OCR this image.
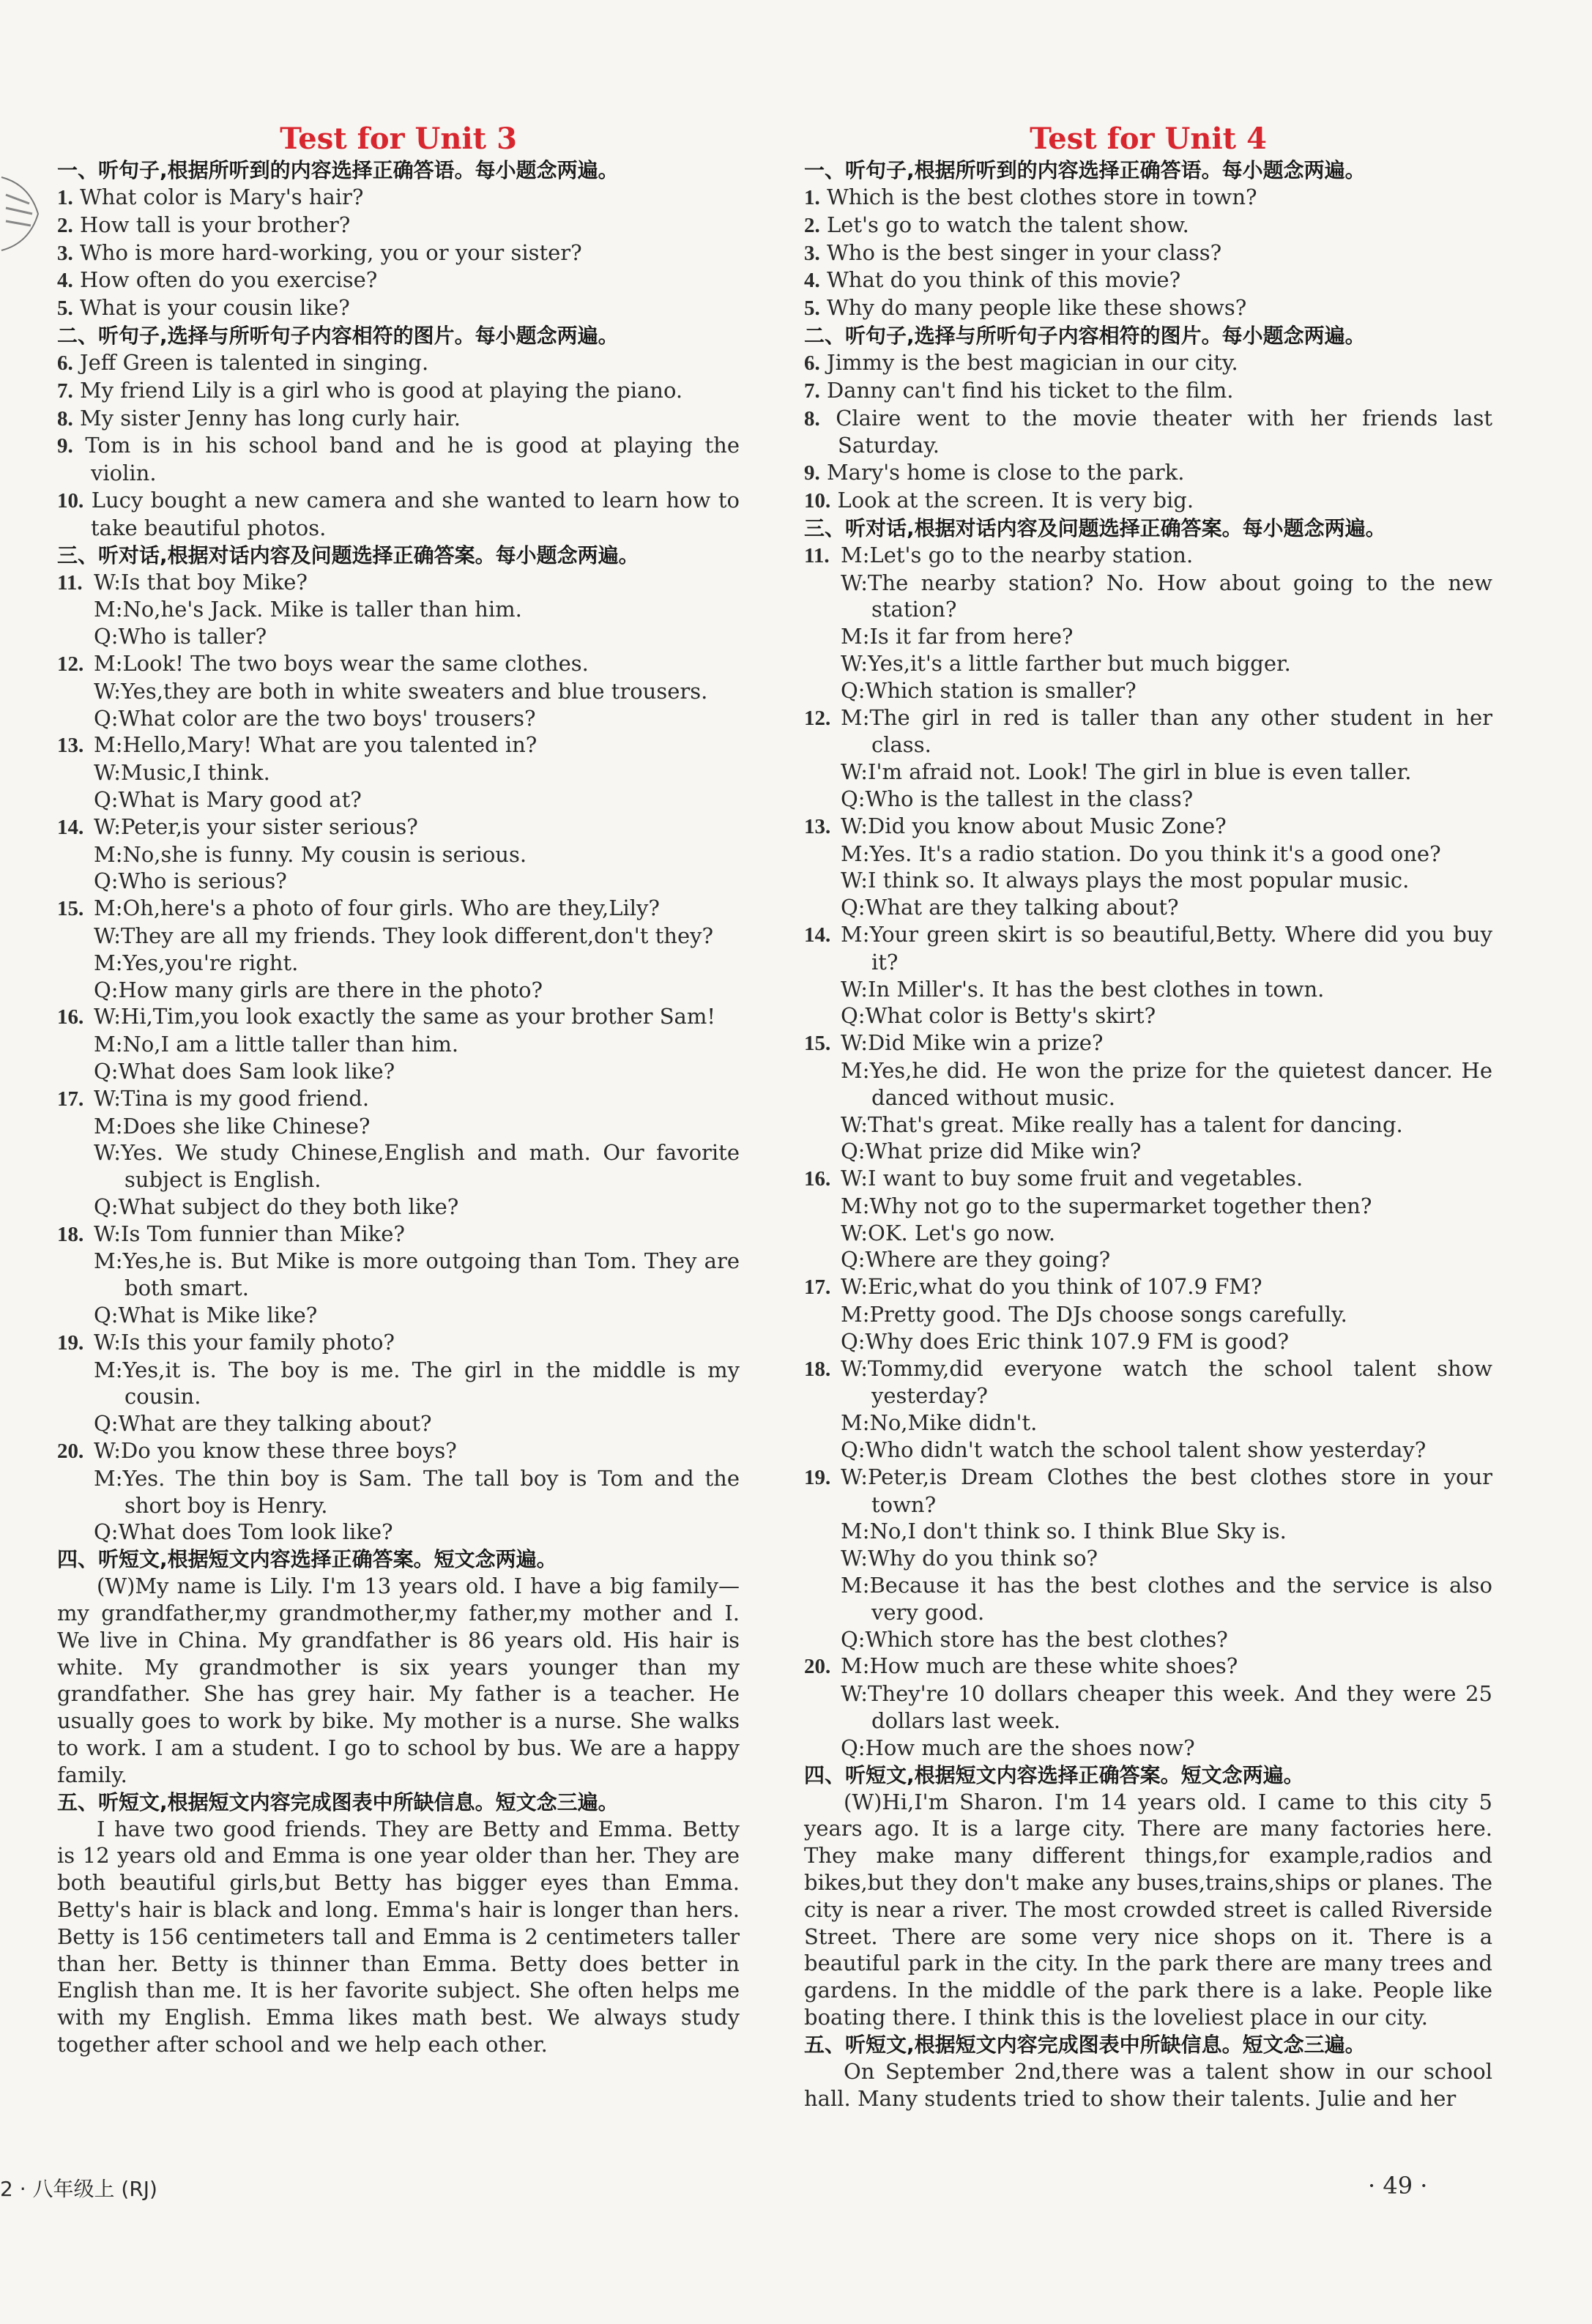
Test for Unit 3
一、听句子,根据所听到的内容选择正确答语。每小题念两遍。
1. What color is Mary's hair?
2. How tall is your brother?
3. Who is more hard-working, you or your sister?
4. How often do you exercise?
5. What is your cousin like?
二、听句子,选择与所听句子内容相符的图片。每小题念两遍。
6. Jeff Green is talented in singing.
7. My friend Lily is a girl who is good at playing the piano.
8. My sister Jenny has long curly hair.
9. Tom is in his school band and he is good at playing the violin.
10. Lucy bought a new camera and she wanted to learn how to take beautiful photos.
三、听对话,根据对话内容及问题选择正确答案。每小题念两遍。
11. W:Is that boy Mike?
M:No,he's Jack. Mike is taller than him.
Q:Who is taller?
12. M:Look! The two boys wear the same clothes.
W:Yes,they are both in white sweaters and blue trousers.
Q:What color are the two boys' trousers?
13. M:Hello,Mary! What are you talented in?
W:Music,I think.
Q:What is Mary good at?
14. W:Peter,is your sister serious?
M:No,she is funny. My cousin is serious.
Q:Who is serious?
15. M:Oh,here's a photo of four girls. Who are they,Lily?
W:They are all my friends. They look different,don't they?
M:Yes,you're right.
Q:How many girls are there in the photo?
16. W:Hi,Tim,you look exactly the same as your brother Sam!
M:No,I am a little taller than him.
Q:What does Sam look like?
17. W:Tina is my good friend.
M:Does she like Chinese?
W:Yes. We study Chinese,English and math. Our favorite subject is English.
Q:What subject do they both like?
18. W:Is Tom funnier than Mike?
M:Yes,he is. But Mike is more outgoing than Tom. They are both smart.
Q:What is Mike like?
19. W:Is this your family photo?
M:Yes,it is. The boy is me. The girl in the middle is my cousin.
Q:What are they talking about?
20. W:Do you know these three boys?
M:Yes. The thin boy is Sam. The tall boy is Tom and the short boy is Henry.
Q:What does Tom look like?
四、听短文,根据短文内容选择正确答案。短文念两遍。
(W)My name is Lily. I'm 13 years old. I have a big family—my grandfather,my grandmother,my father,my mother and I. We live in China. My grandfather is 86 years old. His hair is white. My grandmother is six years younger than my grandfather. She has grey hair. My father is a teacher. He usually goes to work by bike. My mother is a nurse. She walks to work. I am a student. I go to school by bus. We are a happy family.
五、听短文,根据短文内容完成图表中所缺信息。短文念三遍。
I have two good friends. They are Betty and Emma. Betty is 12 years old and Emma is one year older than her. They are both beautiful girls,but Betty has bigger eyes than Emma. Betty's hair is black and long. Emma's hair is longer than hers. Betty is 156 centimeters tall and Emma is 2 centimeters taller than her. Betty is thinner than Emma. Betty does better in English than me. It is her favorite subject. She often helps me with my English. Emma likes math best. We always study together after school and we help each other.
Test for Unit 4
一、听句子,根据所听到的内容选择正确答语。每小题念两遍。
1. Which is the best clothes store in town?
2. Let's go to watch the talent show.
3. Who is the best singer in your class?
4. What do you think of this movie?
5. Why do many people like these shows?
二、听句子,选择与所听句子内容相符的图片。每小题念两遍。
6. Jimmy is the best magician in our city.
7. Danny can't find his ticket to the film.
8. Claire went to the movie theater with her friends last Saturday.
9. Mary's home is close to the park.
10. Look at the screen. It is very big.
三、听对话,根据对话内容及问题选择正确答案。每小题念两遍。
11. M:Let's go to the nearby station.
W:The nearby station? No. How about going to the new station?
M:Is it far from here?
W:Yes,it's a little farther but much bigger.
Q:Which station is smaller?
12. M:The girl in red is taller than any other student in her class.
W:I'm afraid not. Look! The girl in blue is even taller.
Q:Who is the tallest in the class?
13. W:Did you know about Music Zone?
M:Yes. It's a radio station. Do you think it's a good one?
W:I think so. It always plays the most popular music.
Q:What are they talking about?
14. M:Your green skirt is so beautiful,Betty. Where did you buy it?
W:In Miller's. It has the best clothes in town.
Q:What color is Betty's skirt?
15. W:Did Mike win a prize?
M:Yes,he did. He won the prize for the quietest dancer. He danced without music.
W:That's great. Mike really has a talent for dancing.
Q:What prize did Mike win?
16. W:I want to buy some fruit and vegetables.
M:Why not go to the supermarket together then?
W:OK. Let's go now.
Q:Where are they going?
17. W:Eric,what do you think of 107.9 FM?
M:Pretty good. The DJs choose songs carefully.
Q:Why does Eric think 107.9 FM is good?
18. W:Tommy,did everyone watch the school talent show yesterday?
M:No,Mike didn't.
Q:Who didn't watch the school talent show yesterday?
19. W:Peter,is Dream Clothes the best clothes store in your town?
M:No,I don't think so. I think Blue Sky is.
W:Why do you think so?
M:Because it has the best clothes and the service is also very good.
Q:Which store has the best clothes?
20. M:How much are these white shoes?
W:They're 10 dollars cheaper this week. And they were 25 dollars last week.
Q:How much are the shoes now?
四、听短文,根据短文内容选择正确答案。短文念两遍。
(W)Hi,I'm Sharon. I'm 14 years old. I came to this city 5 years ago. It is a large city. There are many factories here. They make many different things,for example,radios and bikes,but they don't make any buses,trains,ships or planes. The city is near a river. The most crowded street is called Riverside Street. There are some very nice shops on it. There is a beautiful park in the city. In the park there are many trees and gardens. In the middle of the park there is a lake. People like boating there. I think this is the loveliest place in our city.
五、听短文,根据短文内容完成图表中所缺信息。短文念三遍。
On September 2nd,there was a talent show in our school hall. Many students tried to show their talents. Julie and her
2 · 八年级上 (RJ)	· 49 ·
